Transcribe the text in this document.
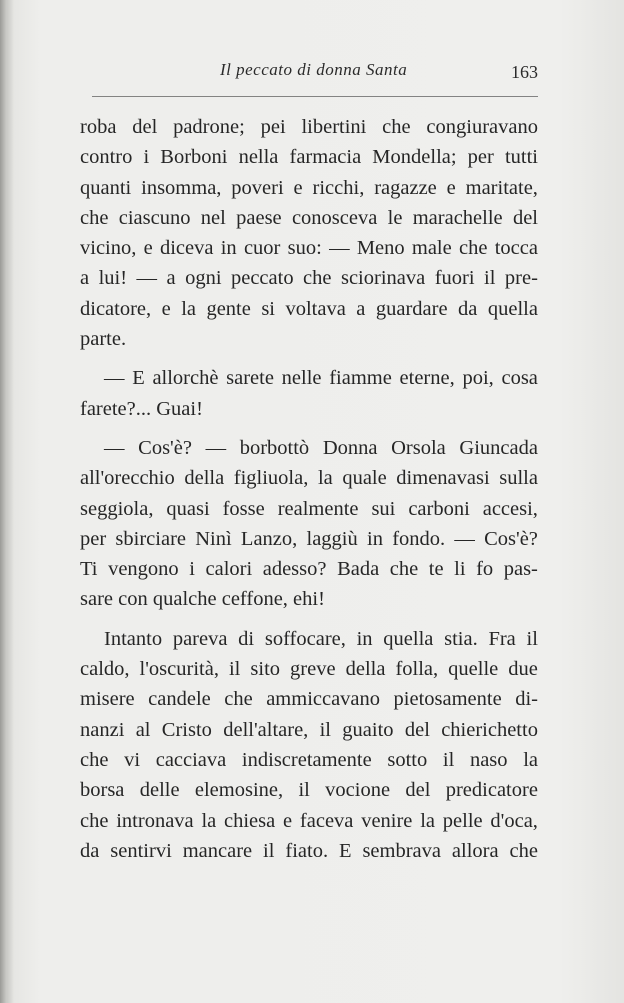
Il peccato di donna Santa	163
roba del padrone; pei libertini che congiuravano
contro i Borboni nella farmacia Mondella; per tutti
quanti insomma, poveri e ricchi, ragazze e maritate,
che ciascuno nel paese conosceva le marachelle del
vicino, e diceva in cuor suo: — Meno male che tocca
a lui! — a ogni peccato che sciorinava fuori il pre-
dicatore, e la gente si voltava a guardare da quella
parte.
— E allorchè sarete nelle fiamme eterne, poi, cosa
farete?... Guai!
— Cos'è? — borbottò Donna Orsola Giuncada
all'orecchio della figliuola, la quale dimenavasi sulla
seggiola, quasi fosse realmente sui carboni accesi,
per sbirciare Ninì Lanzo, laggiù in fondo. — Cos'è?
Ti vengono i calori adesso? Bada che te li fo pas-
sare con qualche ceffone, ehi!
Intanto pareva di soffocare, in quella stia. Fra il
caldo, l'oscurità, il sito greve della folla, quelle due
misere candele che ammiccavano pietosamente di-
nanzi al Cristo dell'altare, il guaito del chierichetto
che vi cacciava indiscretamente sotto il naso la
borsa delle elemosine, il vocione del predicatore
che intronava la chiesa e faceva venire la pelle d'oca,
da sentirvi mancare il fiato. E sembrava allora che
